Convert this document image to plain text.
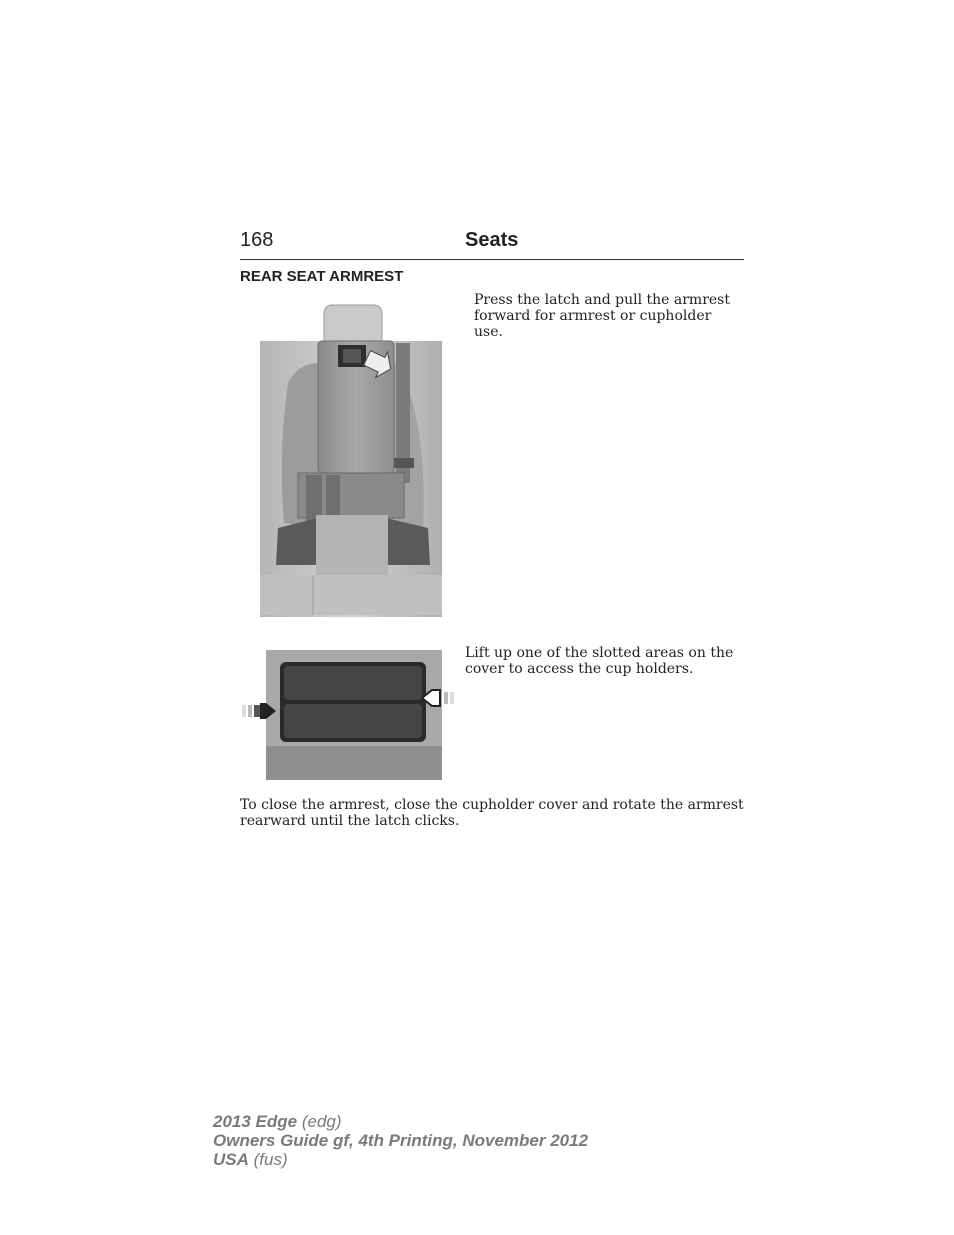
168	Seats
REAR SEAT ARMREST

Press the latch and pull the armrest forward for armrest or cupholder use.

Lift up one of the slotted areas on the cover to access the cup holders.

To close the armrest, close the cupholder cover and rotate the armrest rearward until the latch clicks.

2013 Edge (edg)
Owners Guide gf, 4th Printing, November 2012
USA (fus)
